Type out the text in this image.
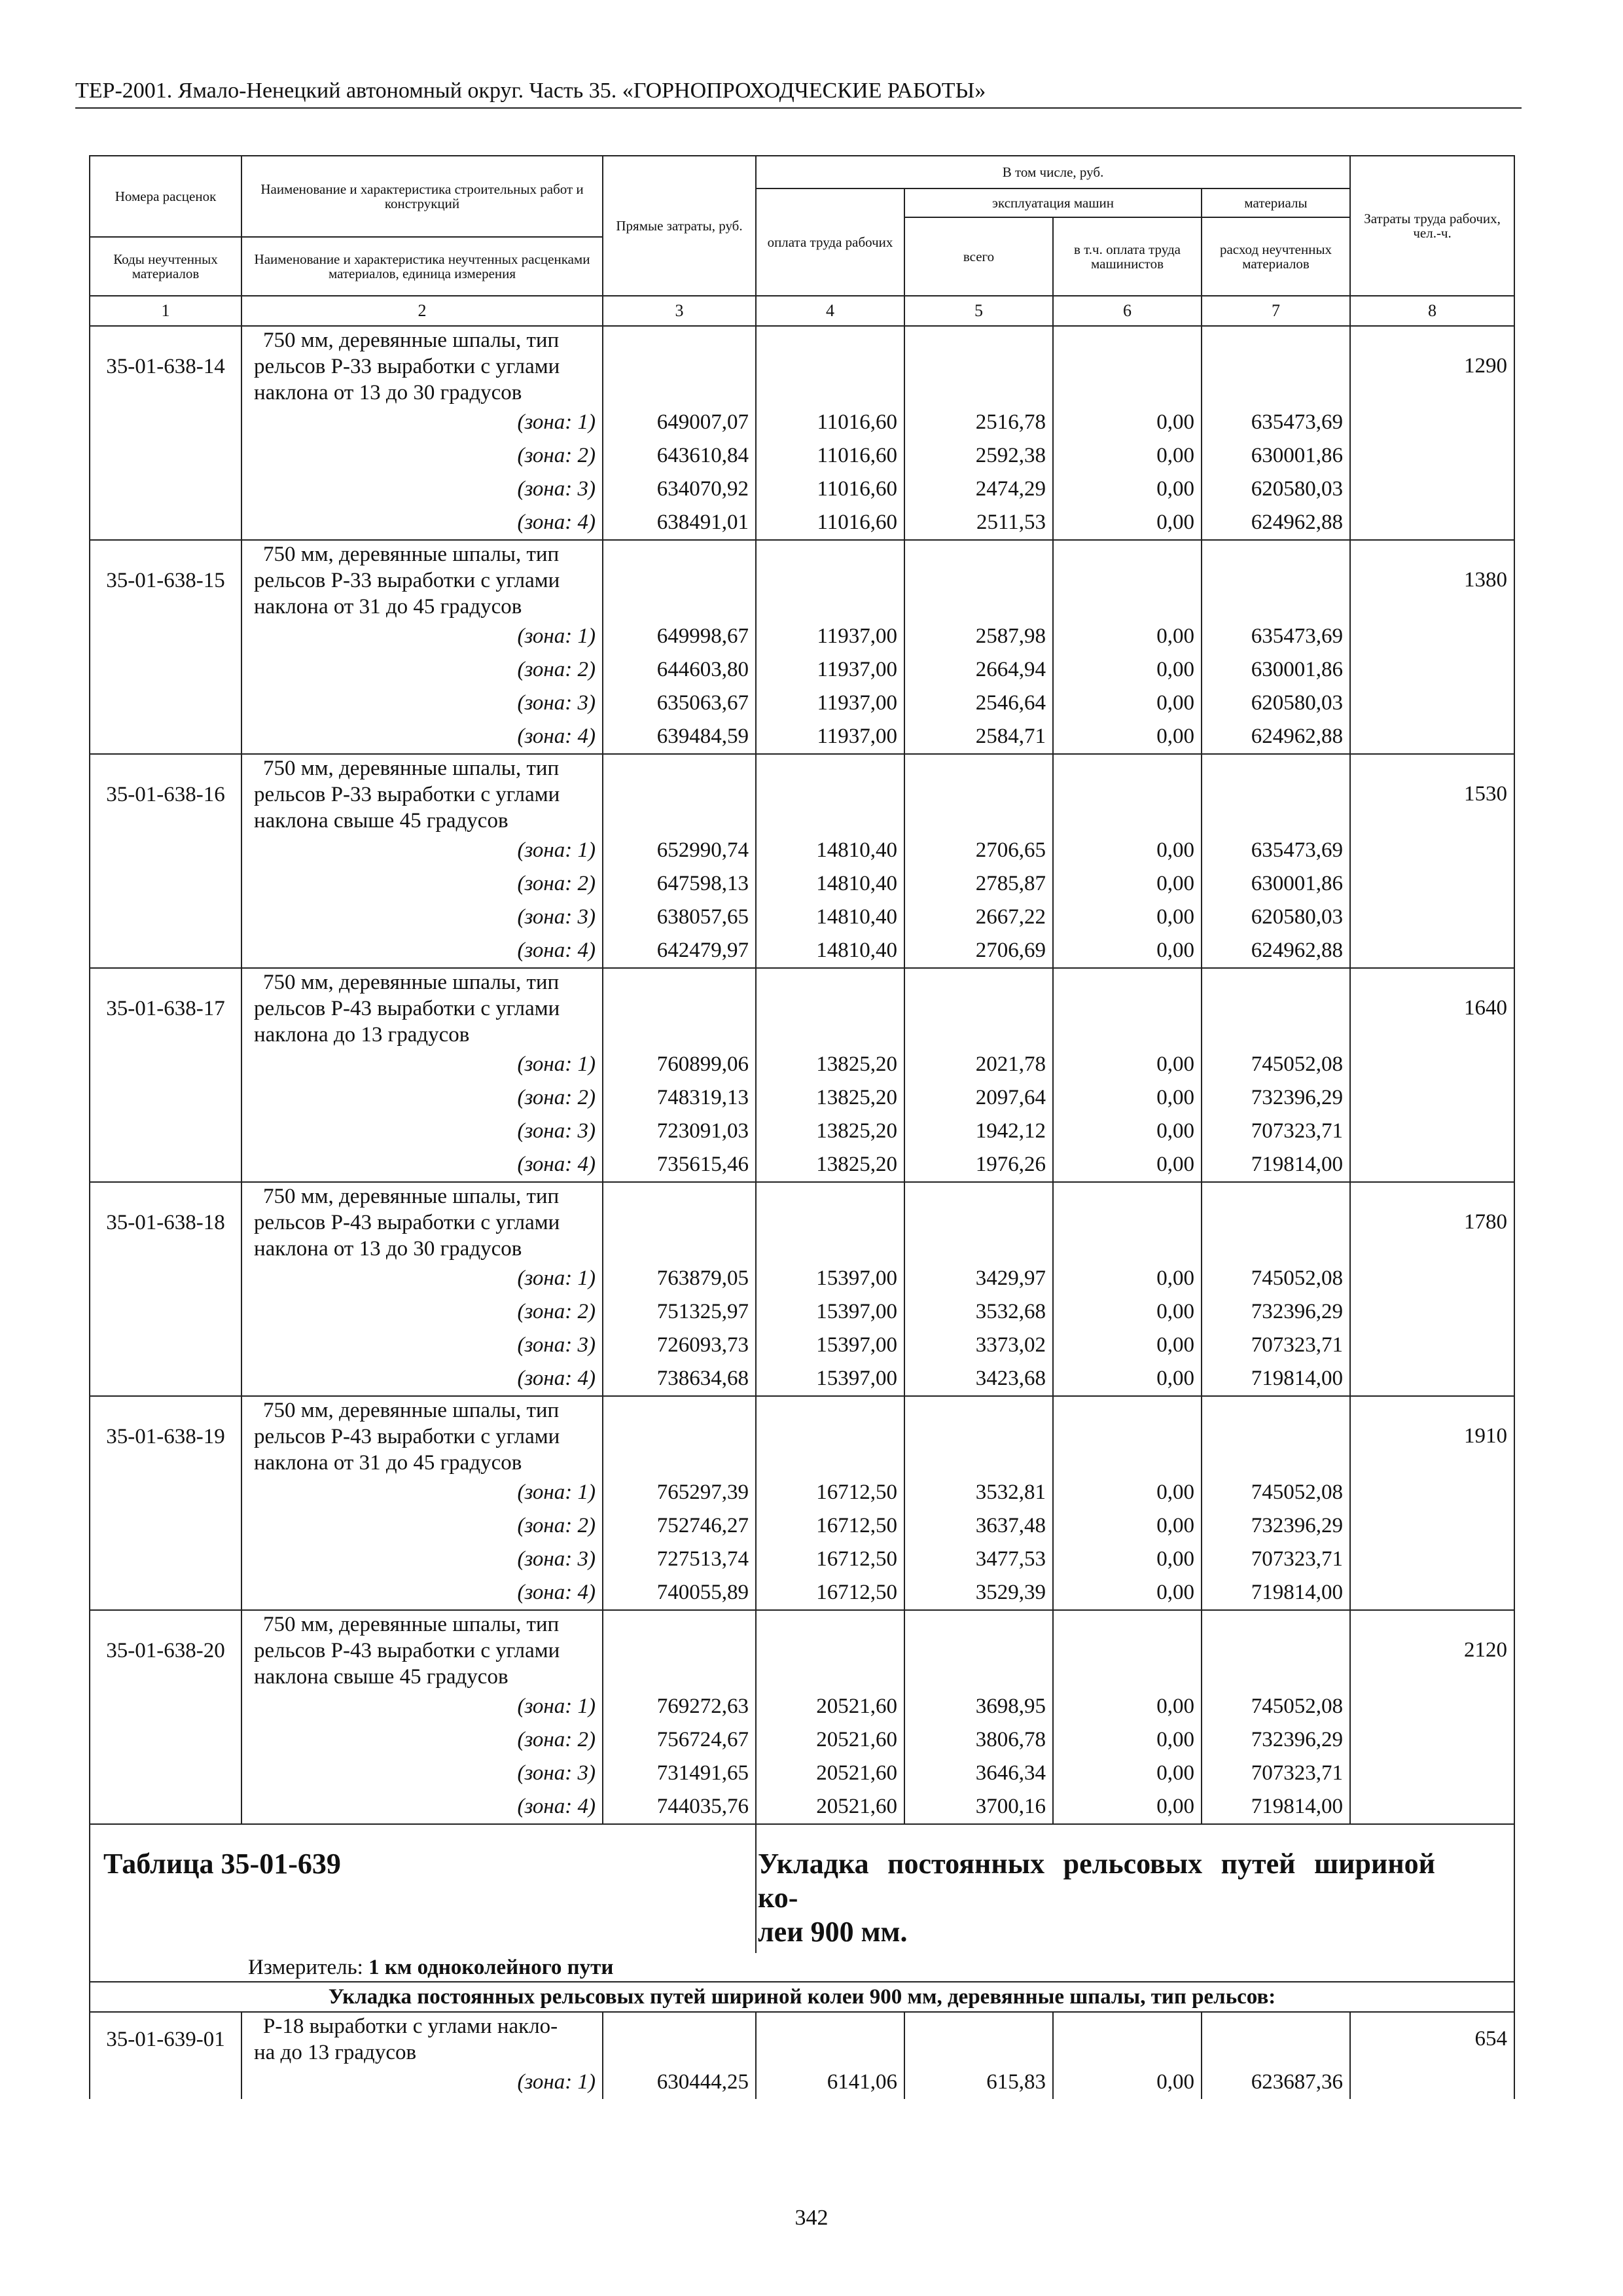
ТЕР-2001. Ямало-Ненецкий автономный округ. Часть 35. «ГОРНОПРОХОДЧЕСКИЕ РАБОТЫ»
Номера расценок	Наименование и характеристика строительных работ и конструкций	Прямые затраты, руб.	В том числе, руб.				Затраты труда рабочих, чел.-ч.
			оплата труда рабочих	эксплуатация машин		материалы	
				всего	в т.ч. оплата труда машинистов	расход неучтенных материалов	
Коды неучтенных материалов	Наименование и характеристика неучтенных расценками материалов, единица измерения						
1	2	3	4	5	6	7	8
35-01-638-14	750 мм, деревянные шпалы, тип
рельсов Р-33 выработки с углами
наклона от 13 до 30 градусов						1290
	(зона: 1)	649007,07	11016,60	2516,78	0,00	635473,69	
	(зона: 2)	643610,84	11016,60	2592,38	0,00	630001,86	
	(зона: 3)	634070,92	11016,60	2474,29	0,00	620580,03	
	(зона: 4)	638491,01	11016,60	2511,53	0,00	624962,88	
35-01-638-15	750 мм, деревянные шпалы, тип
рельсов Р-33 выработки с углами
наклона от 31 до 45 градусов						1380
	(зона: 1)	649998,67	11937,00	2587,98	0,00	635473,69	
	(зона: 2)	644603,80	11937,00	2664,94	0,00	630001,86	
	(зона: 3)	635063,67	11937,00	2546,64	0,00	620580,03	
	(зона: 4)	639484,59	11937,00	2584,71	0,00	624962,88	
35-01-638-16	750 мм, деревянные шпалы, тип
рельсов Р-33 выработки с углами
наклона свыше 45 градусов						1530
	(зона: 1)	652990,74	14810,40	2706,65	0,00	635473,69	
	(зона: 2)	647598,13	14810,40	2785,87	0,00	630001,86	
	(зона: 3)	638057,65	14810,40	2667,22	0,00	620580,03	
	(зона: 4)	642479,97	14810,40	2706,69	0,00	624962,88	
35-01-638-17	750 мм, деревянные шпалы, тип
рельсов Р-43 выработки с углами
наклона до 13 градусов						1640
	(зона: 1)	760899,06	13825,20	2021,78	0,00	745052,08	
	(зона: 2)	748319,13	13825,20	2097,64	0,00	732396,29	
	(зона: 3)	723091,03	13825,20	1942,12	0,00	707323,71	
	(зона: 4)	735615,46	13825,20	1976,26	0,00	719814,00	
35-01-638-18	750 мм, деревянные шпалы, тип
рельсов Р-43 выработки с углами
наклона от 13 до 30 градусов						1780
	(зона: 1)	763879,05	15397,00	3429,97	0,00	745052,08	
	(зона: 2)	751325,97	15397,00	3532,68	0,00	732396,29	
	(зона: 3)	726093,73	15397,00	3373,02	0,00	707323,71	
	(зона: 4)	738634,68	15397,00	3423,68	0,00	719814,00	
35-01-638-19	750 мм, деревянные шпалы, тип
рельсов Р-43 выработки с углами
наклона от 31 до 45 градусов						1910
	(зона: 1)	765297,39	16712,50	3532,81	0,00	745052,08	
	(зона: 2)	752746,27	16712,50	3637,48	0,00	732396,29	
	(зона: 3)	727513,74	16712,50	3477,53	0,00	707323,71	
	(зона: 4)	740055,89	16712,50	3529,39	0,00	719814,00	
35-01-638-20	750 мм, деревянные шпалы, тип
рельсов Р-43 выработки с углами
наклона свыше 45 градусов						2120
	(зона: 1)	769272,63	20521,60	3698,95	0,00	745052,08	
	(зона: 2)	756724,67	20521,60	3806,78	0,00	732396,29	
	(зона: 3)	731491,65	20521,60	3646,34	0,00	707323,71	
	(зона: 4)	744035,76	20521,60	3700,16	0,00	719814,00	

Таблица 35-01-639			Укладка постоянных рельсовых путей шириной ко-
леи 900 мм.				

	Измеритель: 1 км одноколейного пути						
Укладка постоянных рельсовых путей шириной колеи 900 мм, деревянные шпалы, тип рельсов:							
35-01-639-01	Р-18 выработки с углами накло-
на до 13 градусов						654
	(зона: 1)	630444,25	6141,06	615,83	0,00	623687,36	
342
